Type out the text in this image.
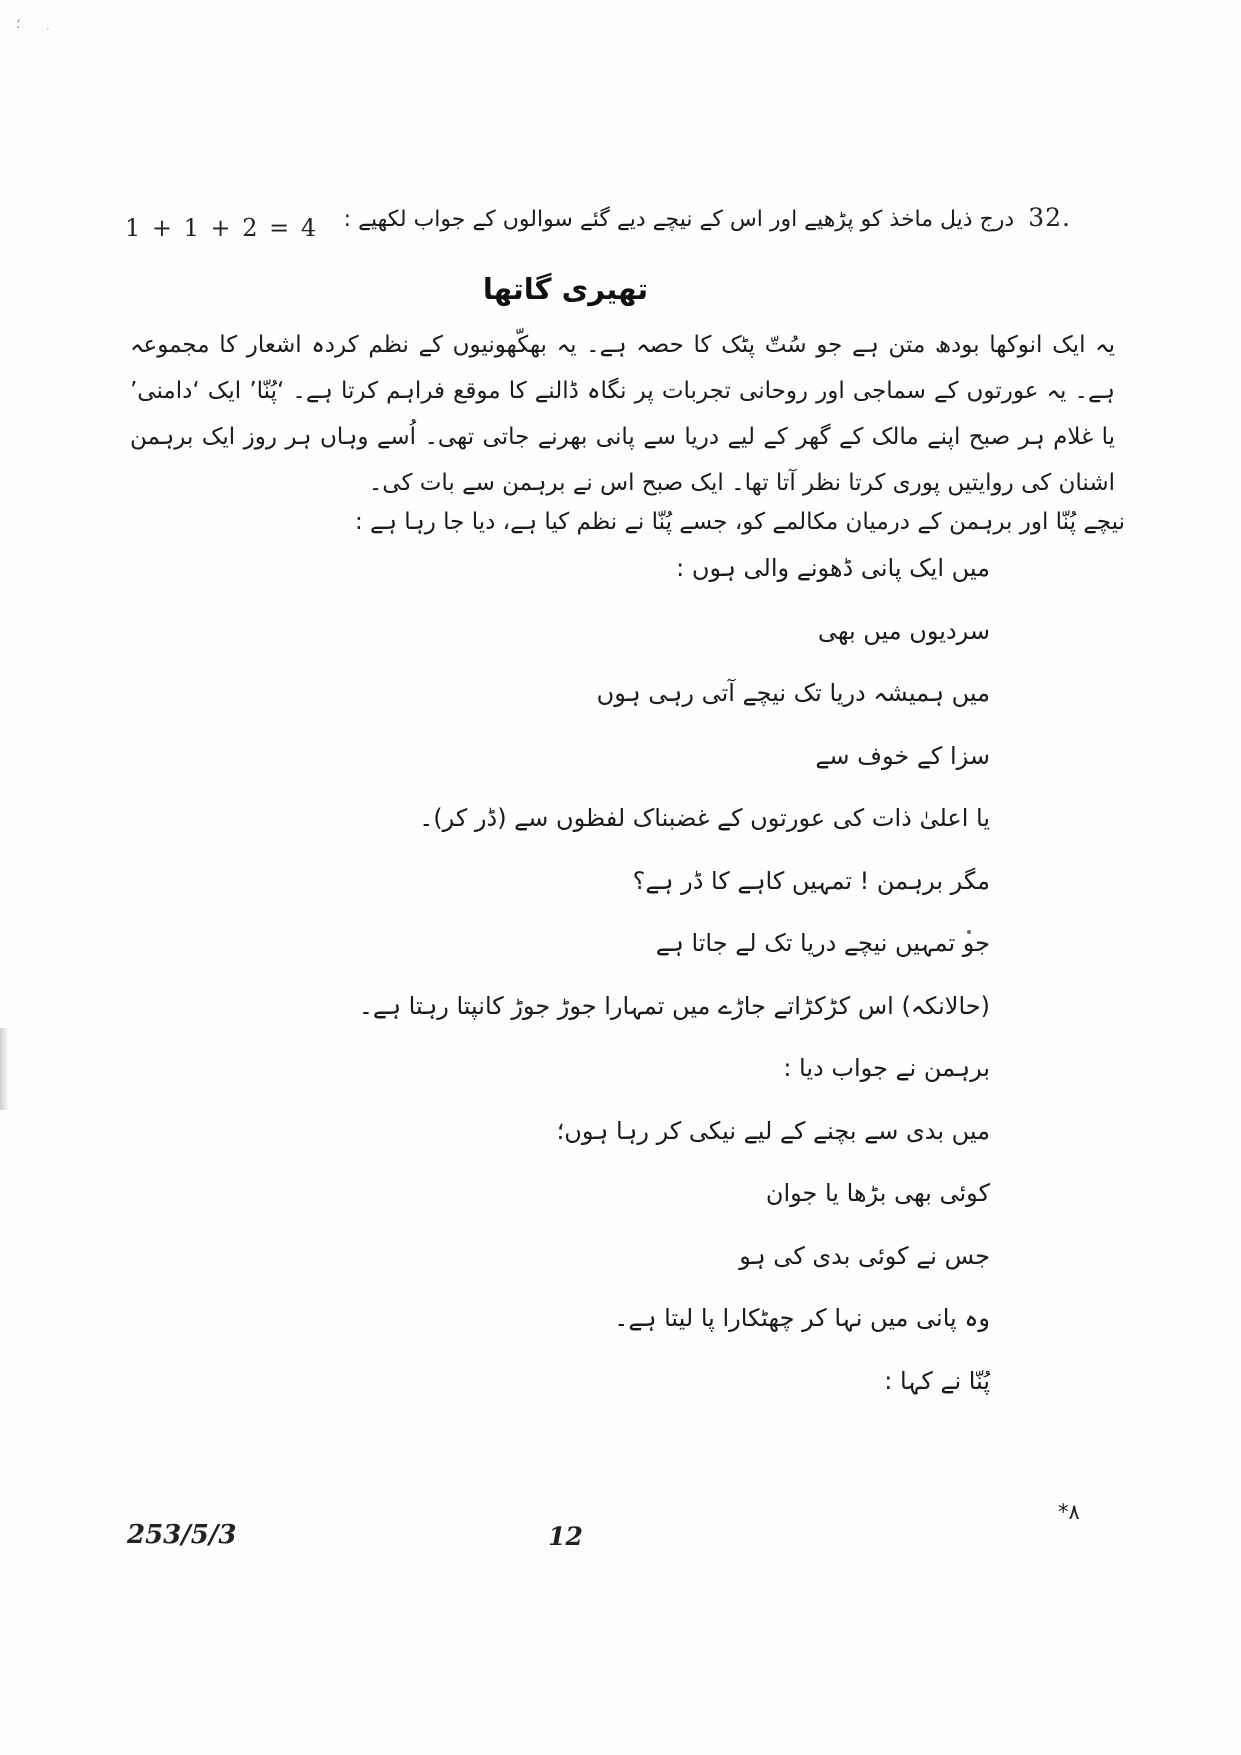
؛ ·
32.
درج ذیل ماخذ کو پڑھیے اور اس کے نیچے دیے گئے سوالوں کے جواب لکھیے :
1 + 1 + 2 = 4
تھیری گاتھا
یہ ایک انوکھا بودھ متن ہے جو سُتّ پٹک کا حصہ ہے۔ یہ بھکّھونیوں کے نظم کردہ اشعار کا مجموعہ ہے۔ یہ عورتوں کے سماجی اور روحانی تجربات پر نگاہ ڈالنے کا موقع فراہم کرتا ہے۔ ‘پُنّا’ ایک ‘دامنی’ یا غلام ہر صبح اپنے مالک کے گھر کے لیے دریا سے پانی بھرنے جاتی تھی۔ اُسے وہاں ہر روز ایک برہمن اشنان کی روایتیں پوری کرتا نظر آتا تھا۔ ایک صبح اس نے برہمن سے بات کی۔
نیچے پُنّا اور برہمن کے درمیان مکالمے کو، جسے پُنّا نے نظم کیا ہے، دیا جا رہا ہے :
میں ایک پانی ڈھونے والی ہوں :
سردیوں میں بھی
میں ہمیشہ دریا تک نیچے آتی رہی ہوں
سزا کے خوف سے
یا اعلیٰ ذات کی عورتوں کے غضبناک لفظوں سے (ڈر کر)۔
مگر برہمن ! تمہیں کاہے کا ڈر ہے؟
جو تمہیں نیچے دریا تک لے جاتا ہے
(حالانکہ) اس کڑکڑاتے جاڑے میں تمہارا جوڑ جوڑ کانپتا رہتا ہے۔
برہمن نے جواب دیا :
میں بدی سے بچنے کے لیے نیکی کر رہا ہوں؛
کوئی بھی بڑھا یا جوان
جس نے کوئی بدی کی ہو
وہ پانی میں نہا کر چھٹکارا پا لیتا ہے۔
پُنّا نے کہا :
253/5/3	12
*٨
